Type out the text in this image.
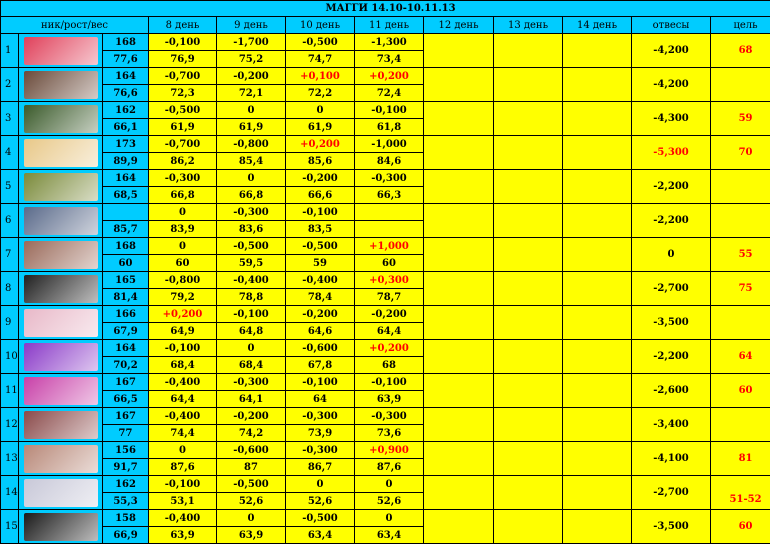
МАГГИ 14.10-10.11.13											
ник/рост/вес			8 день	9 день	10 день	11 день	12 день	13 день	14 день	отвесы	цель
1		168	-0,100	-1,700	-0,500	-1,300				-4,200	68
		77,6	76,9	75,2	74,7	73,4					
2		164	-0,700	-0,200	+0,100	+0,200				-4,200	
		76,6	72,3	72,1	72,2	72,4					
3		162	-0,500	0	0	-0,100				-4,300	59
		66,1	61,9	61,9	61,9	61,8					
4		173	-0,700	-0,800	+0,200	-1,000				-5,300	70
		89,9	86,2	85,4	85,6	84,6					
5		164	-0,300	0	-0,200	-0,300				-2,200	
		68,5	66,8	66,8	66,6	66,3					
6			0	-0,300	-0,100					-2,200	
		85,7	83,9	83,6	83,5						
7		168	0	-0,500	-0,500	+1,000				0	55
		60	60	59,5	59	60					
8		165	-0,800	-0,400	-0,400	+0,300				-2,700	75
		81,4	79,2	78,8	78,4	78,7					
9		166	+0,200	-0,100	-0,200	-0,200				-3,500	
		67,9	64,9	64,8	64,6	64,4					
10		164	-0,100	0	-0,600	+0,200				-2,200	64
		70,2	68,4	68,4	67,8	68					
11		167	-0,400	-0,300	-0,100	-0,100				-2,600	60
		66,5	64,4	64,1	64	63,9					
12		167	-0,400	-0,200	-0,300	-0,300				-3,400	
		77	74,4	74,2	73,9	73,6					
13		156	0	-0,600	-0,300	+0,900				-4,100	81
		91,7	87,6	87	86,7	87,6					
14		162	-0,100	-0,500	0	0				-2,700	51-52
		55,3	53,1	52,6	52,6	52,6					
15		158	-0,400	0	-0,500	0				-3,500	60
		66,9	63,9	63,9	63,4	63,4					
